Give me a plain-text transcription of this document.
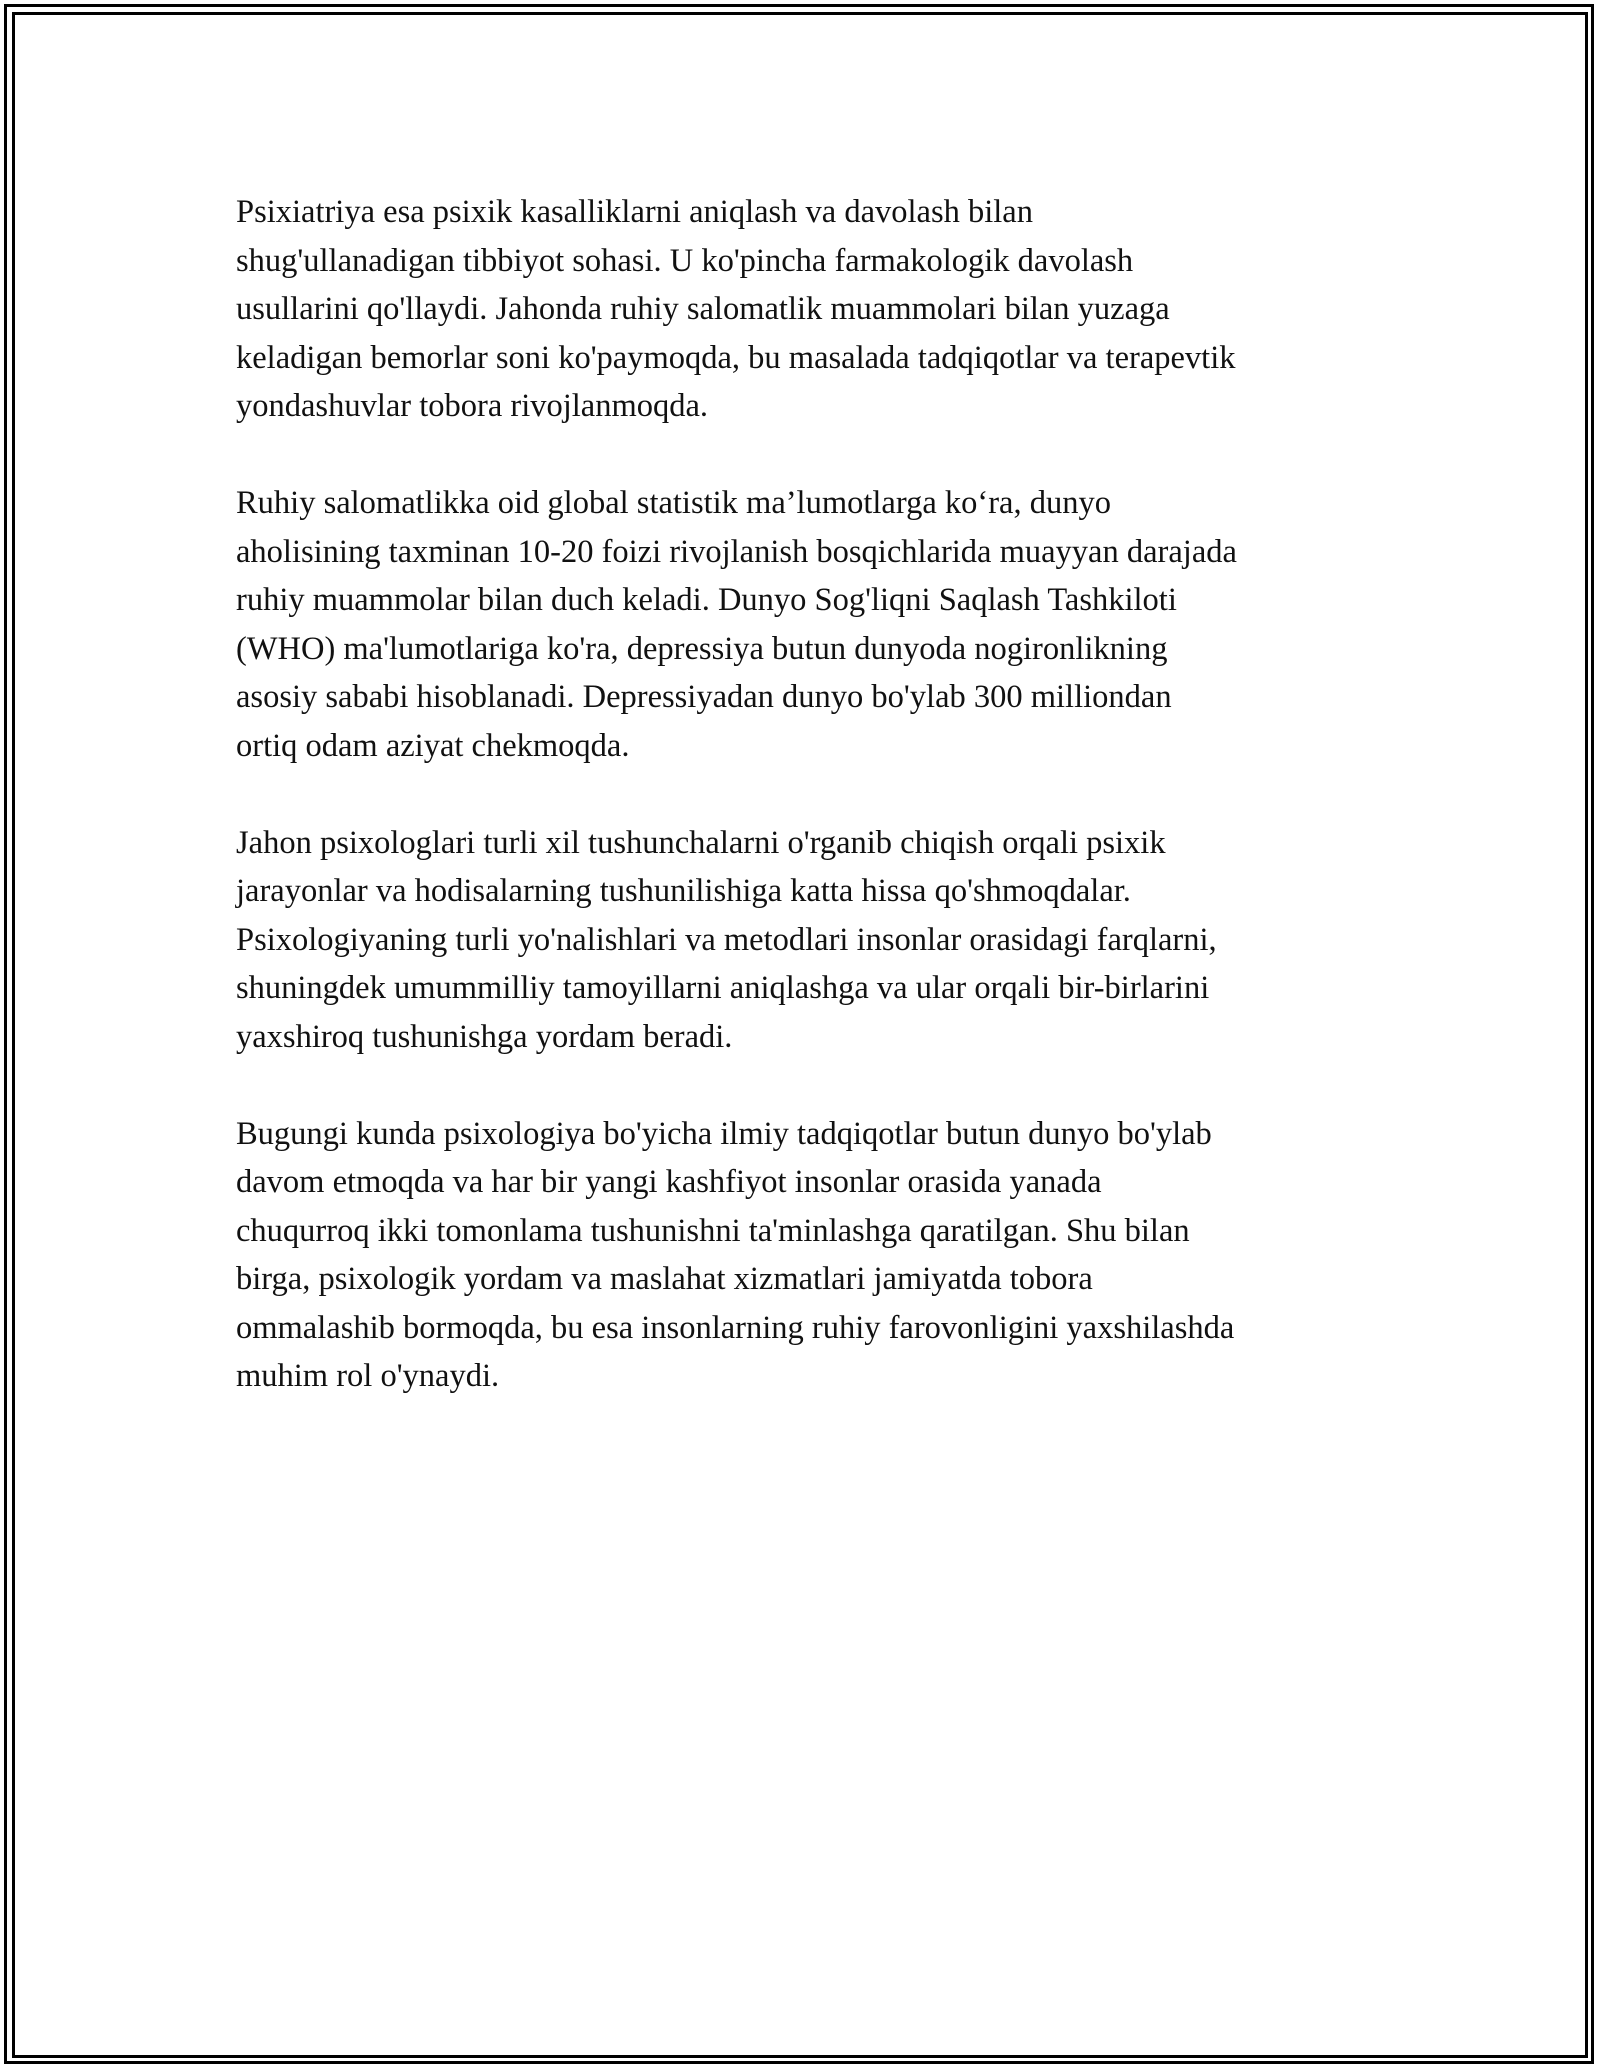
Psixiatriya esa psixik kasalliklarni aniqlash va davolash bilan
shug'ullanadigan tibbiyot sohasi. U ko'pincha farmakologik davolash
usullarini qo'llaydi. Jahonda ruhiy salomatlik muammolari bilan yuzaga
keladigan bemorlar soni ko'paymoqda, bu masalada tadqiqotlar va terapevtik
yondashuvlar tobora rivojlanmoqda.

Ruhiy salomatlikka oid global statistik ma’lumotlarga ko‘ra, dunyo
aholisining taxminan 10-20 foizi rivojlanish bosqichlarida muayyan darajada
ruhiy muammolar bilan duch keladi. Dunyo Sog'liqni Saqlash Tashkiloti
(WHO) ma'lumotlariga ko'ra, depressiya butun dunyoda nogironlikning
asosiy sababi hisoblanadi. Depressiyadan dunyo bo'ylab 300 milliondan
ortiq odam aziyat chekmoqda.

Jahon psixologlari turli xil tushunchalarni o'rganib chiqish orqali psixik
jarayonlar va hodisalarning tushunilishiga katta hissa qo'shmoqdalar.
Psixologiyaning turli yo'nalishlari va metodlari insonlar orasidagi farqlarni,
shuningdek umummilliy tamoyillarni aniqlashga va ular orqali bir-birlarini
yaxshiroq tushunishga yordam beradi.

Bugungi kunda psixologiya bo'yicha ilmiy tadqiqotlar butun dunyo bo'ylab
davom etmoqda va har bir yangi kashfiyot insonlar orasida yanada
chuqurroq ikki tomonlama tushunishni ta'minlashga qaratilgan. Shu bilan
birga, psixologik yordam va maslahat xizmatlari jamiyatda tobora
ommalashib bormoqda, bu esa insonlarning ruhiy farovonligini yaxshilashda
muhim rol o'ynaydi.
